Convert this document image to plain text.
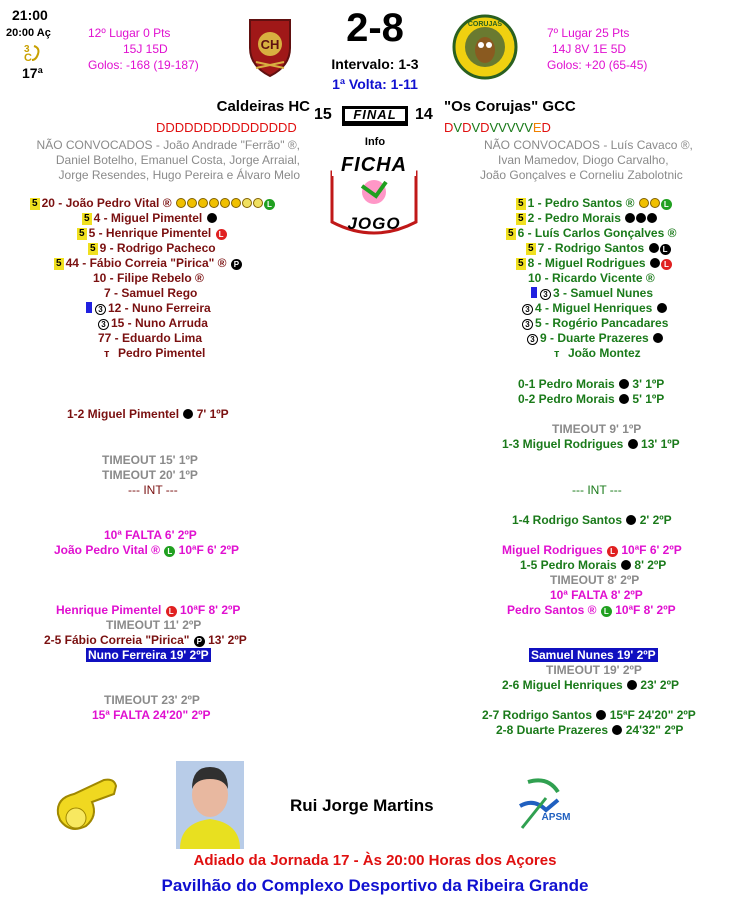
21:00
20:00 Aç
3
C
17ª
12º Lugar 0 Pts
15J 15D
Golos: -168 (19-187)
CH	2-8
Intervalo: 1-3
1ª Volta: 1-11
CORUJAS
7º Lugar 25 Pts
14J 8V 1E 5D
Golos: +20 (65-45)
Caldeiras HC 15	FINAL	14 "Os Corujas" GCC
DDDDDDDDDDDDDDD	DVDVDVVVVVED
NÃO CONVOCADOS - João Andrade "Ferrão" ®,
Daniel Botelho, Emanuel Costa, Jorge Arraial,
Jorge Resendes, Hugo Pereira e Álvaro Melo
NÃO CONVOCADOS - Luís Cavaco ®,
Ivan Mamedov, Diogo Carvalho,
João Gonçalves e Corneliu Zabolotnic
Info
FICHA
JOGO
5 20 - João Pedro Vital ®	L
5 4 - Miguel Pimentel
5 5 - Henrique Pimentel L
5 9 - Rodrigo Pacheco
5 44 - Fábio Correia "Pirica" ® P
10 - Filipe Rebelo ®
7 - Samuel Rego
3 12 - Nuno Ferreira
3 15 - Nuno Arruda
77 - Eduardo Lima
ᴛ Pedro Pimentel
5 1 - Pedro Santos ®	L
5 2 - Pedro Morais
5 6 - Luís Carlos Gonçalves ®
5 7 - Rodrigo Santos L
5 8 - Miguel Rodrigues L
10 - Ricardo Vicente ®
3 3 - Samuel Nunes
3 4 - Miguel Henriques
3 5 - Rogério Pancadares
3 9 - Duarte Prazeres
ᴛ João Montez
1-2 Miguel Pimentel 7' 1ºP
TIMEOUT 15' 1ºP
TIMEOUT 20' 1ºP
--- INT ---
10ª FALTA 6' 2ºP
João Pedro Vital ® L 10ªF 6' 2ºP
Henrique Pimentel L 10ªF 8' 2ºP
TIMEOUT 11' 2ºP
2-5 Fábio Correia "Pirica" P 13' 2ºP
Nuno Ferreira 19' 2ºP
TIMEOUT 23' 2ºP
15ª FALTA 24'20" 2ºP
0-1 Pedro Morais 3' 1ºP
0-2 Pedro Morais 5' 1ºP
TIMEOUT 9' 1ºP
1-3 Miguel Rodrigues 13' 1ºP
--- INT ---
1-4 Rodrigo Santos 2' 2ºP
Miguel Rodrigues L 10ªF 6' 2ºP
1-5 Pedro Morais 8' 2ºP
TIMEOUT 8' 2ºP
10ª FALTA 8' 2ºP
Pedro Santos ® L 10ªF 8' 2ºP
Samuel Nunes 19' 2ºP
TIMEOUT 19' 2ºP
2-6 Miguel Henriques 23' 2ºP
2-7 Rodrigo Santos 15ªF 24'20" 2ºP
2-8 Duarte Prazeres 24'32" 2ºP
Rui Jorge Martins
APSM
Adiado da Jornada 17 - Às 20:00 Horas dos Açores
Pavilhão do Complexo Desportivo da Ribeira Grande
